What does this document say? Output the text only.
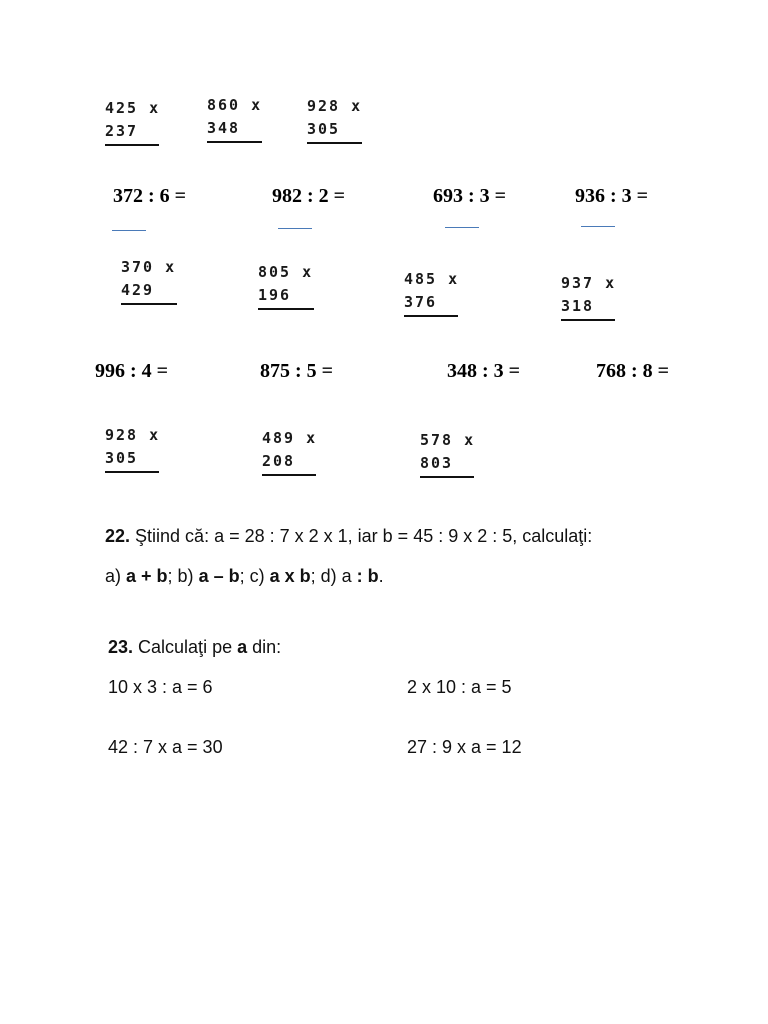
425 x
237
860 x
348
928 x
305
372 : 6 =	982 : 2 =	693 : 3 =	936 : 3 =
370 x
429
805 x
196
485 x
376
937 x
318
996 : 4 =	875 : 5 =	348 : 3 =	768 : 8 =
928 x
305
489 x
208
578 x
803
22. Ştiind că: a = 28 : 7 x 2 x 1, iar b = 45 : 9 x 2 : 5, calculaţi:
a) a + b; b) a – b; c) a x b; d) a : b.
23. Calculaţi pe a din:
10 x 3 : a = 6	2 x 10 : a = 5
42 : 7 x a = 30	27 : 9 x a = 12
